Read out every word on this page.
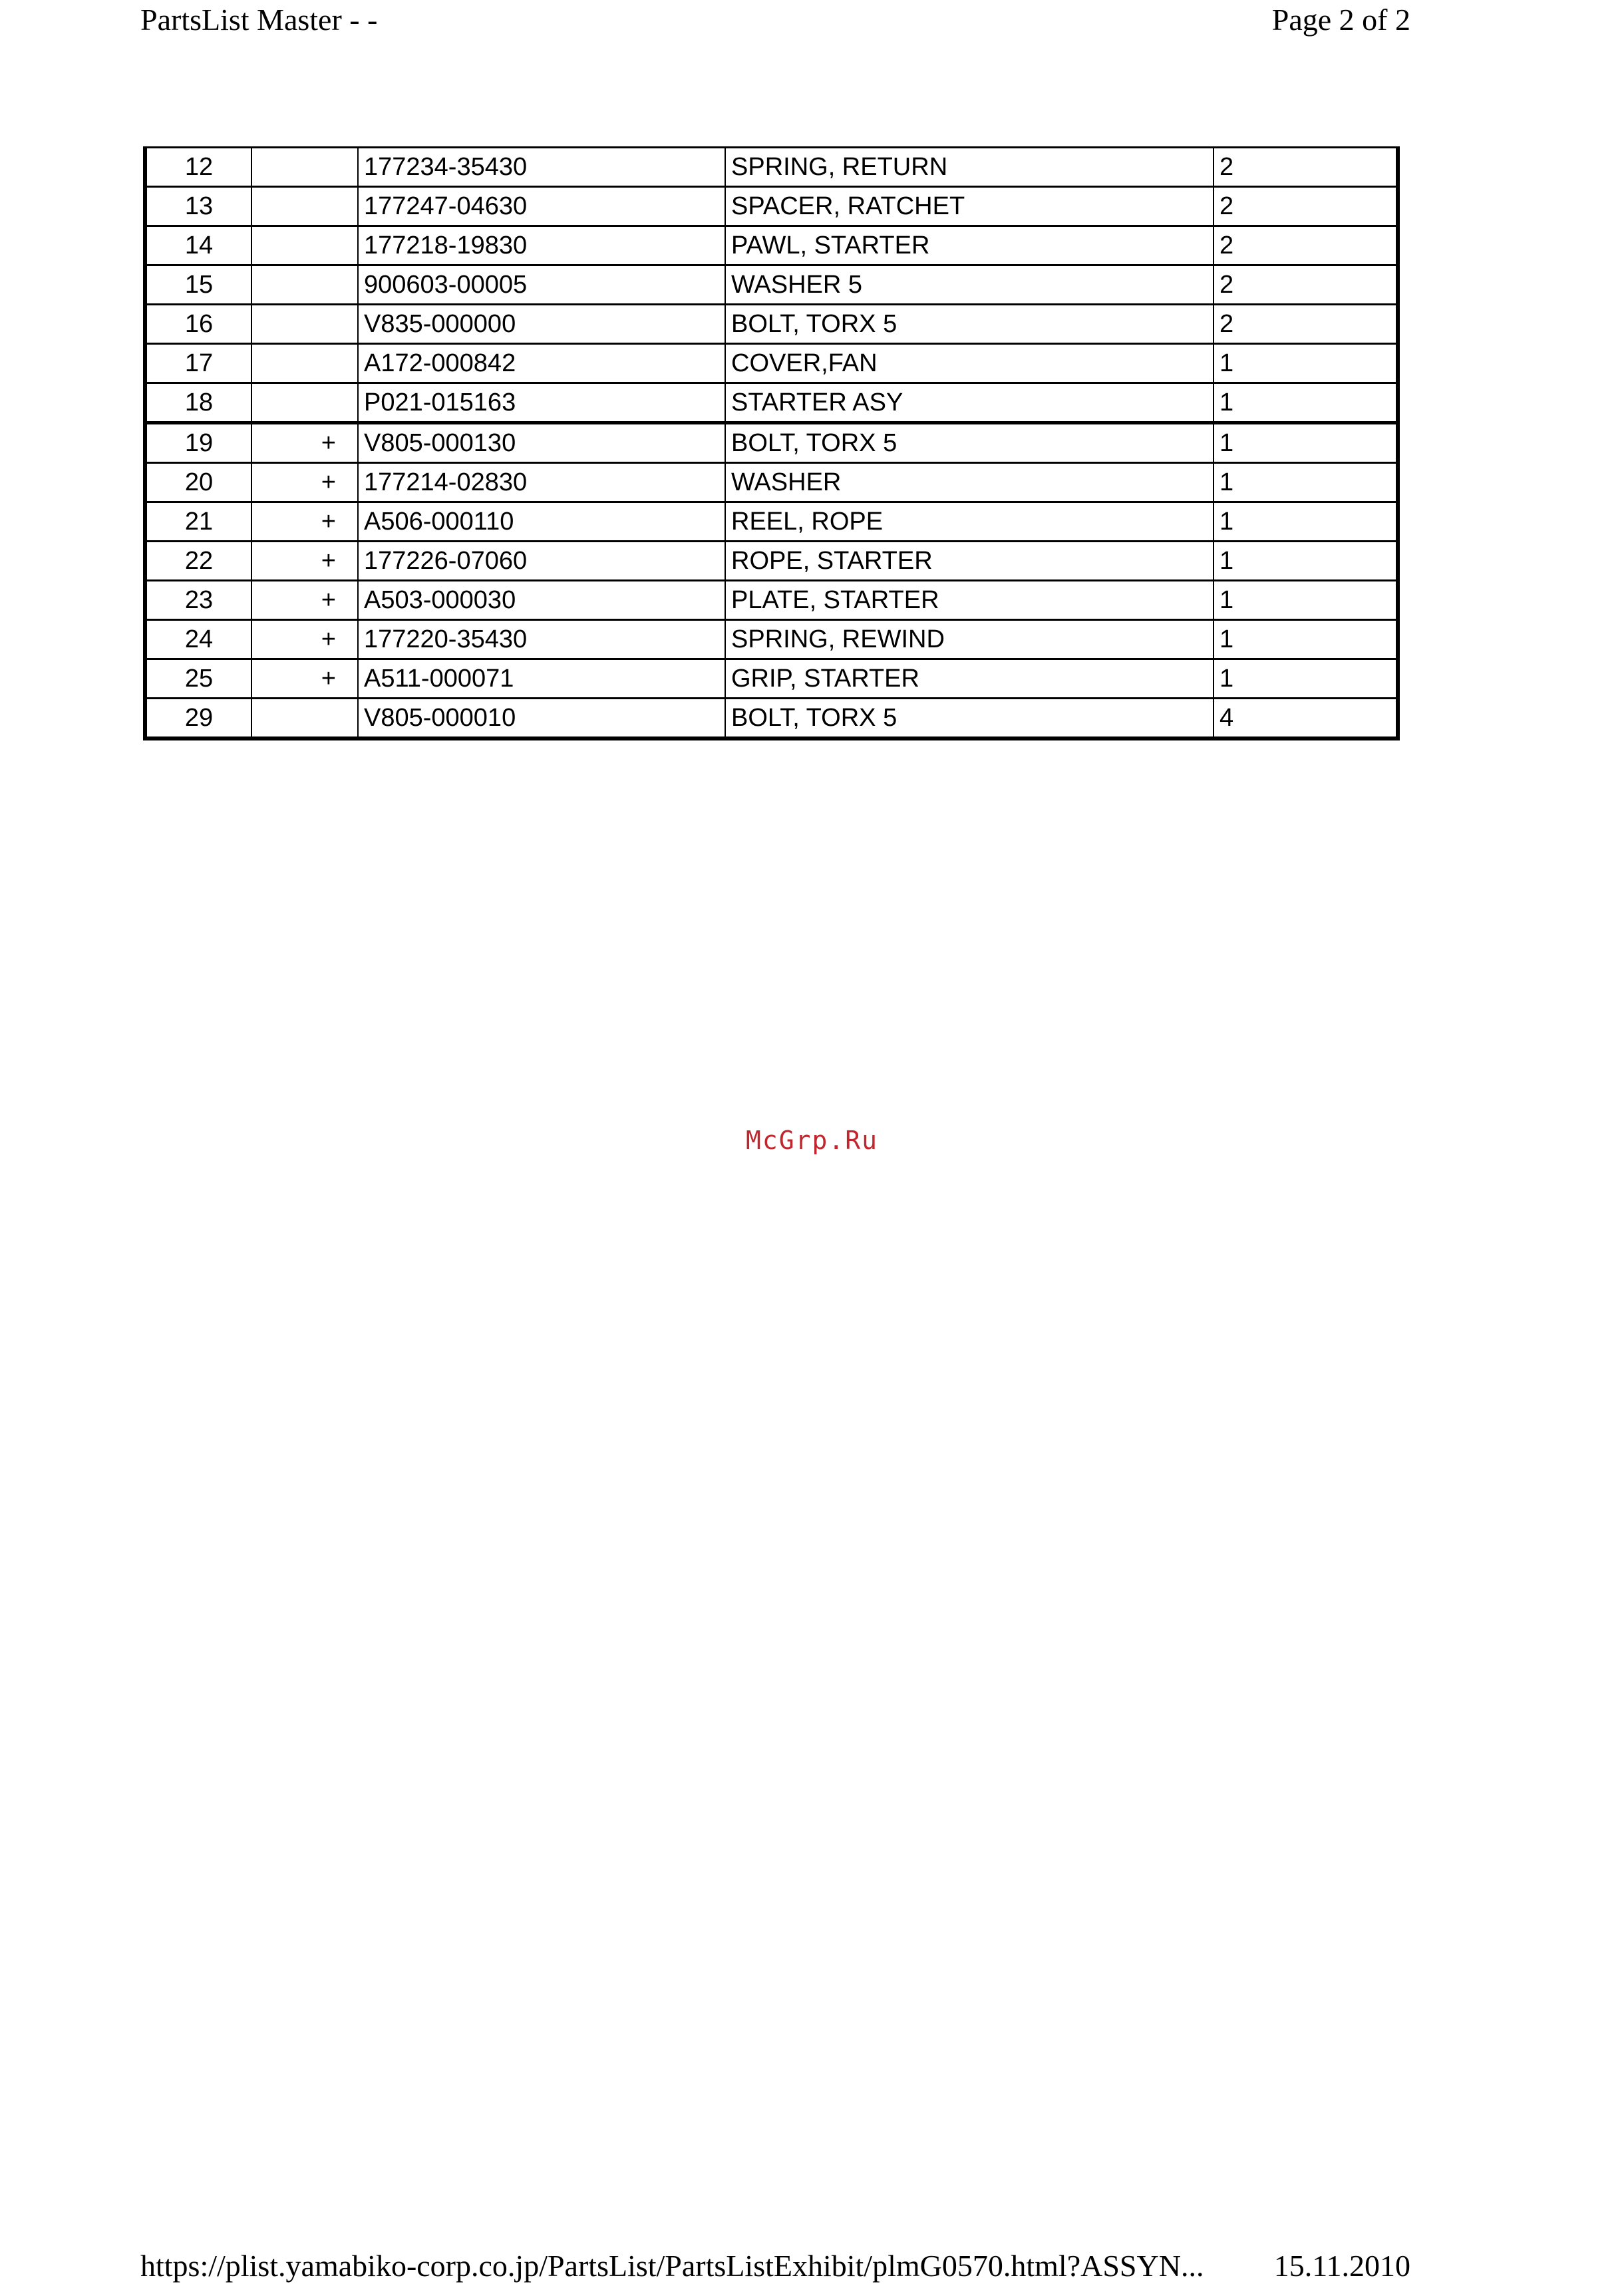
PartsList Master - -	Page 2 of 2
12		177234-35430	SPRING, RETURN	2
13		177247-04630	SPACER, RATCHET	2
14		177218-19830	PAWL, STARTER	2
15		900603-00005	WASHER 5	2
16		V835-000000	BOLT, TORX 5	2
17		A172-000842	COVER,FAN	1
18		P021-015163	STARTER ASY	1
19	+	V805-000130	BOLT, TORX 5	1
20	+	177214-02830	WASHER	1
21	+	A506-000110	REEL, ROPE	1
22	+	177226-07060	ROPE, STARTER	1
23	+	A503-000030	PLATE, STARTER	1
24	+	177220-35430	SPRING, REWIND	1
25	+	A511-000071	GRIP, STARTER	1
29		V805-000010	BOLT, TORX 5	4
McGrp.Ru
https://plist.yamabiko-corp.co.jp/PartsList/PartsListExhibit/plmG0570.html?ASSYN... 15.11.2010
